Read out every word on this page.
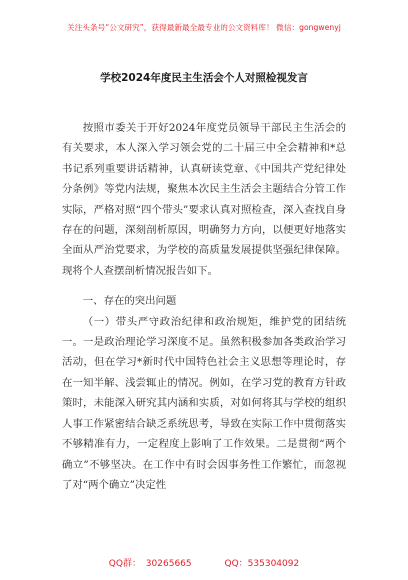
关注头条号“公文研究”，获得最新最全最专业的公文资料库！ 微信：gongwenyj
学校2024年度民主生活会个人对照检视发言

按照市委关于开好2024年度党员领导干部民主生活会的有关要求，本人深入学习领会党的二十届三中全会精神和*总书记系列重要讲话精神，认真研读党章、《中国共产党纪律处分条例》等党内法规，聚焦本次民主生活会主题结合分管工作实际，严格对照“四个带头”要求认真对照检查，深入查找自身存在的问题，深刻剖析原因，明确努力方向，以便更好地落实全面从严治党要求，为学校的高质量发展提供坚强纪律保障。现将个人查摆剖析情况报告如下。

一、存在的突出问题

（一）带头严守政治纪律和政治规矩，维护党的团结统一。一是政治理论学习深度不足。虽然积极参加各类政治学习活动，但在学习*新时代中国特色社会主义思想等理论时，存在一知半解、浅尝辄止的情况。例如，在学习党的教育方针政策时，未能深入研究其内涵和实质，对如何将其与学校的组织人事工作紧密结合缺乏系统思考，导致在实际工作中贯彻落实不够精准有力，一定程度上影响了工作效果。二是贯彻“两个确立”不够坚决。在工作中有时会因事务性工作繁忙，而忽视了对“两个确立”决定性

QQ群： 30265665	QQ：535304092
